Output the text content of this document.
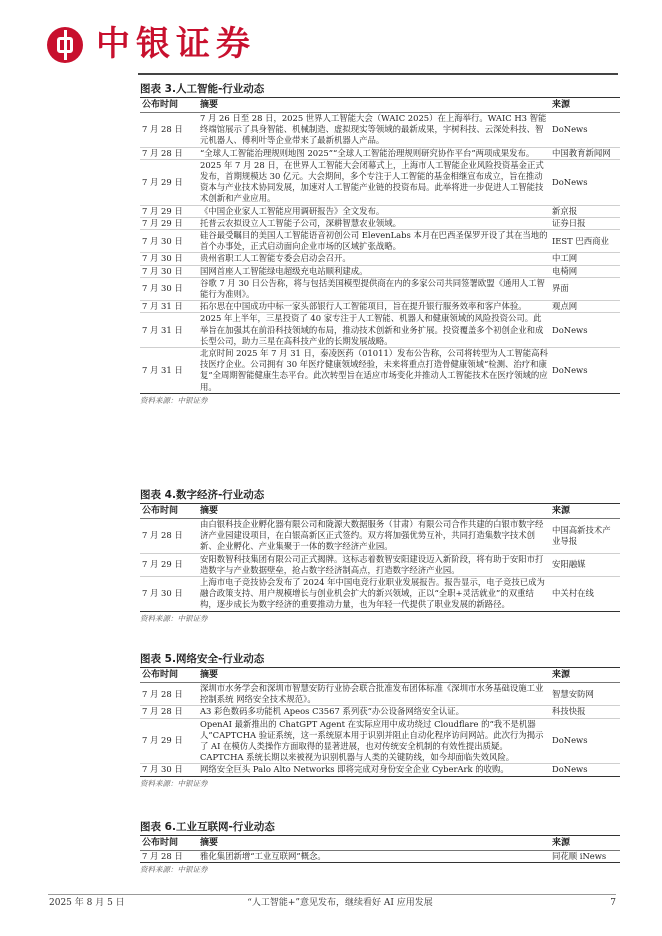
中银证券
图表 3.人工智能-行业动态
公布时间	摘要	来源
7 月 28 日	7 月 26 日至 28 日，2025 世界人工智能大会（WAIC 2025）在上海举行。WAIC H3 智能终端馆展示了具身智能、机械制造、虚拟现实等领域的最新成果，宇树科技、云深处科技、智元机器人、傅利叶等企业带来了最新机器人产品。	DoNews
7 月 28 日	“全球人工智能治理规则地图 2025”“全球人工智能治理规则研究协作平台”两项成果发布。	中国教育新闻网
7 月 29 日	2025 年 7 月 28 日，在世界人工智能大会闭幕式上，上海市人工智能企业风险投资基金正式发布，首期规模达 30 亿元。大会期间，多个专注于人工智能的基金相继宣布成立，旨在推动资本与产业技术协同发展，加速对人工智能产业链的投资布局。此举将进一步促进人工智能技术创新和产业应用。	DoNews
7 月 29 日	《中国企业家人工智能应用调研报告》全文发布。	新京报
7 月 29 日	托普云农拟设立人工智能子公司，深耕智慧农业领域。	证券日报
7 月 30 日	硅谷最受瞩目的美国人工智能语音初创公司 ElevenLabs 本月在巴西圣保罗开设了其在当地的首个办事处，正式启动面向企业市场的区域扩张战略。	IEST 巴西商业
7 月 30 日	贵州省职工人工智能专委会启动会召开。	中工网
7 月 30 日	国网首座人工智能绿电超级充电站顺利建成。	电椅网
7 月 30 日	谷歌 7 月 30 日公告称，将与包括美国模型提供商在内的多家公司共同签署欧盟《通用人工智能行为准则》。	界面
7 月 31 日	拓尔思在中国成功中标一家头部银行人工智能项目，旨在提升银行服务效率和客户体验。	观点网
7 月 31 日	2025 年上半年，三星投资了 40 家专注于人工智能、机器人和健康领域的风险投资公司。此举旨在加强其在前沿科技领域的布局，推动技术创新和业务扩展。投资覆盖多个初创企业和成长型公司，助力三星在高科技产业的长期发展战略。	DoNews
7 月 31 日	北京时间 2025 年 7 月 31 日，泰凌医药（01011）发布公告称，公司将转型为人工智能高科技医疗企业。公司拥有 30 年医疗健康领域经验，未来将重点打造骨健康领域“检测、治疗和康复”全周期智能健康生态平台。此次转型旨在适应市场变化并推动人工智能技术在医疗领域的应用。	DoNews
资料来源：中银证券
图表 4.数字经济-行业动态
公布时间	摘要	来源
7 月 28 日	由白银科技企业孵化器有限公司和陇源大数据服务（甘肃）有限公司合作共建的白银市数字经济产业园建设项目，在白银高新区正式签约。双方将加强优势互补，共同打造集数字技术创新、企业孵化、产业集聚于一体的数字经济产业园。	中国高新技术产业导报
7 月 29 日	安阳数智科技集团有限公司正式揭牌。这标志着数智安阳建设迈入新阶段，将有助于安阳市打造数字与产业数据壁垒，抢占数字经济制高点，打造数字经济产业园。	安阳融媒
7 月 30 日	上海市电子竞技协会发布了 2024 年中国电竞行业职业发展报告。报告显示，电子竞技已成为融合政策支持、用户规模增长与创业机会扩大的新兴领域，正以“全职+灵活就业”的双重结构，逐步成长为数字经济的重要推动力量，也为年轻一代提供了职业发展的新路径。	中关村在线
资料来源：中银证券
图表 5.网络安全-行业动态
公布时间	摘要	来源
7 月 28 日	深圳市水务学会和深圳市智慧安防行业协会联合批准发布团体标准《深圳市水务基础设施工业控制系统 网络安全技术规范》。	智慧安防网
7 月 28 日	A3 彩色数码多功能机 Apeos C3567 系列获“办公设备网络安全认证。	科技快报
7 月 29 日	OpenAI 最新推出的 ChatGPT Agent 在实际应用中成功绕过 Cloudflare 的“我不是机器人”CAPTCHA 验证系统，这一系统原本用于识别并阻止自动化程序访问网站。此次行为揭示了 AI 在模仿人类操作方面取得的显著进展，也对传统安全机制的有效性提出质疑。CAPTCHA 系统长期以来被视为识别机器与人类的关键防线，如今却面临失效风险。	DoNews
7 月 30 日	网络安全巨头 Palo Alto Networks 即将完成对身份安全企业 CyberArk 的收购。	DoNews
资料来源：中银证券
图表 6.工业互联网-行业动态
公布时间	摘要	来源
7 月 28 日	雅化集团新增“工业互联网”概念。	同花顺 iNews
资料来源：中银证券
2025 年 8 月 5 日	“人工智能+”意见发布，继续看好 AI 应用发展	7
